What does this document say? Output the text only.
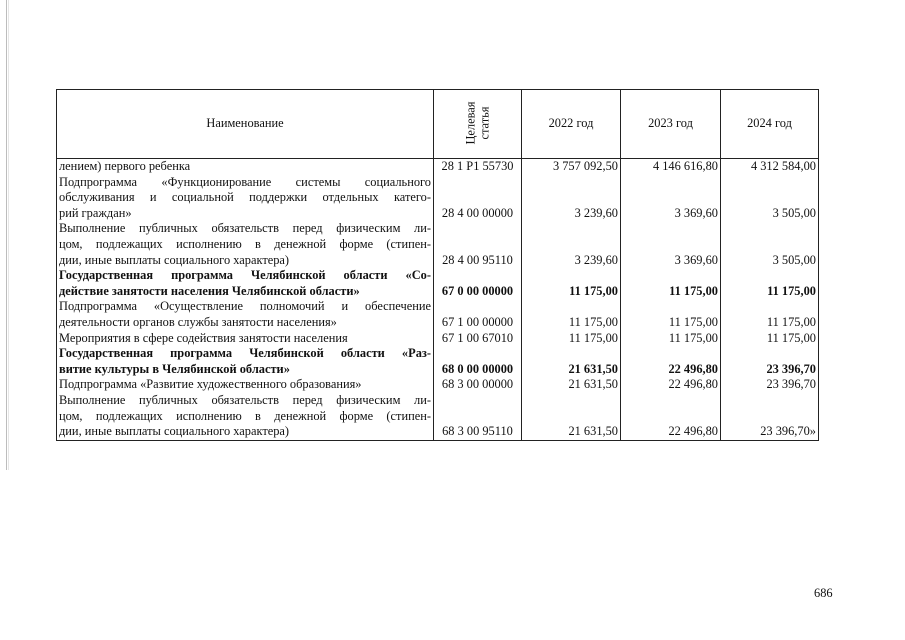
Наименование	Целевая статья	2022 год	2023 год	2024 год

лением) первого ребенка	28 1 P1 55730	3 757 092,50	4 146 616,80	4 312 584,00

Подпрограмма «Функционирование системы социального
обслуживания и социальной поддержки отдельных катего-
рий граждан»	28 4 00 00000	3 239,60	3 369,60	3 505,00

Выполнение публичных обязательств перед физическим ли-
цом, подлежащих исполнению в денежной форме (стипен-
дии, иные выплаты социального характера)	28 4 00 95110	3 239,60	3 369,60	3 505,00

Государственная программа Челябинской области «Со-
действие занятости населения Челябинской области»	67 0 00 00000	11 175,00	11 175,00	11 175,00

Подпрограмма «Осуществление полномочий и обеспечение
деятельности органов службы занятости населения»	67 1 00 00000	11 175,00	11 175,00	11 175,00

Мероприятия в сфере содействия занятости населения	67 1 00 67010	11 175,00	11 175,00	11 175,00

Государственная программа Челябинской области «Раз-
витие культуры в Челябинской области»	68 0 00 00000	21 631,50	22 496,80	23 396,70

Подпрограмма «Развитие художественного образования»	68 3 00 00000	21 631,50	22 496,80	23 396,70

Выполнение публичных обязательств перед физическим ли-
цом, подлежащих исполнению в денежной форме (стипен-
дии, иные выплаты социального характера)	68 3 00 95110	21 631,50	22 496,80	23 396,70»
686
